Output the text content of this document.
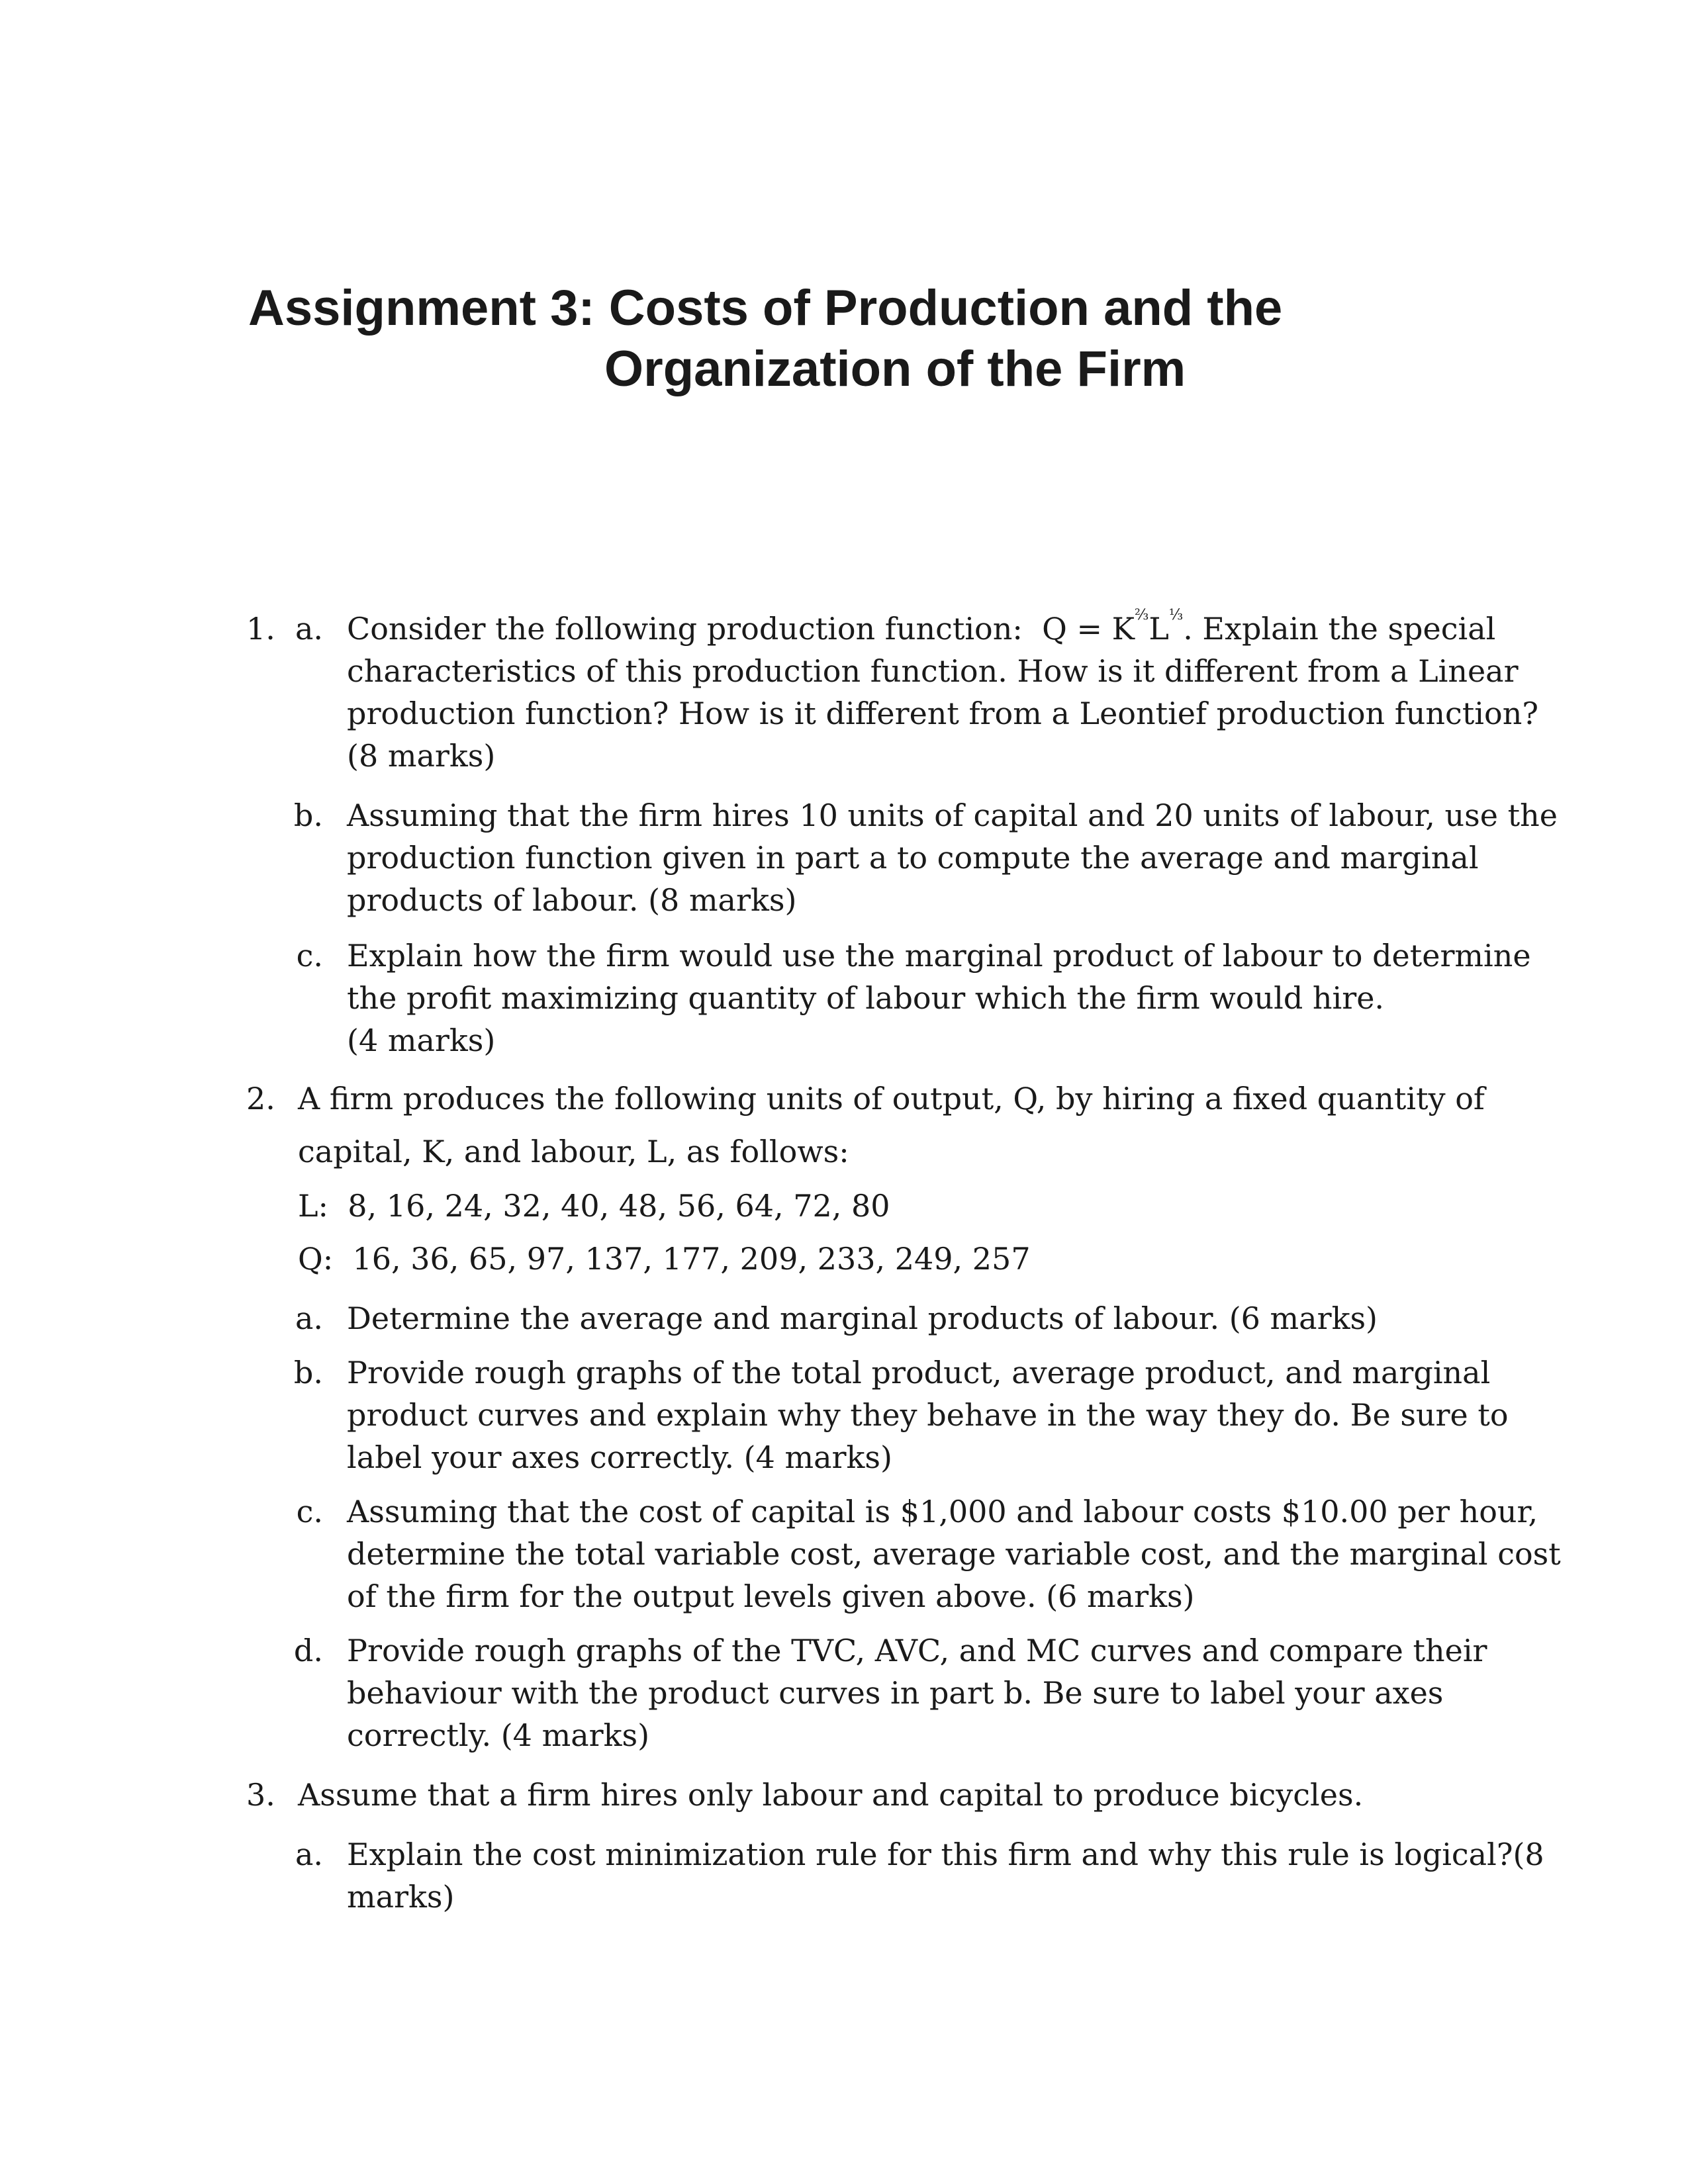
Assignment 3: Costs of Production and the
Organization of the Firm
1. a. Consider the following production function: $Q = K^{\frac{2}{3}}L^{\frac{1}{3}}$. Explain the special
characteristics of this production function. How is it different from a Linear
production function? How is it different from a Leontief production function?
(8 marks)
b. Assuming that the firm hires 10 units of capital and 20 units of labour, use the
production function given in part a to compute the average and marginal
products of labour. (8 marks)
c. Explain how the firm would use the marginal product of labour to determine
the profit maximizing quantity of labour which the firm would hire.
(4 marks)
2. A firm produces the following units of output, Q, by hiring a fixed quantity of
capital, K, and labour, L, as follows:
L:  8, 16, 24, 32, 40, 48, 56, 64, 72, 80
Q:  16, 36, 65, 97, 137, 177, 209, 233, 249, 257
a. Determine the average and marginal products of labour. (6 marks)
b. Provide rough graphs of the total product, average product, and marginal
product curves and explain why they behave in the way they do. Be sure to
label your axes correctly. (4 marks)
c. Assuming that the cost of capital is $1,000 and labour costs $10.00 per hour,
determine the total variable cost, average variable cost, and the marginal cost
of the firm for the output levels given above. (6 marks)
d. Provide rough graphs of the TVC, AVC, and MC curves and compare their
behaviour with the product curves in part b. Be sure to label your axes
correctly. (4 marks)
3. Assume that a firm hires only labour and capital to produce bicycles.
a. Explain the cost minimization rule for this firm and why this rule is logical?(8
marks)
